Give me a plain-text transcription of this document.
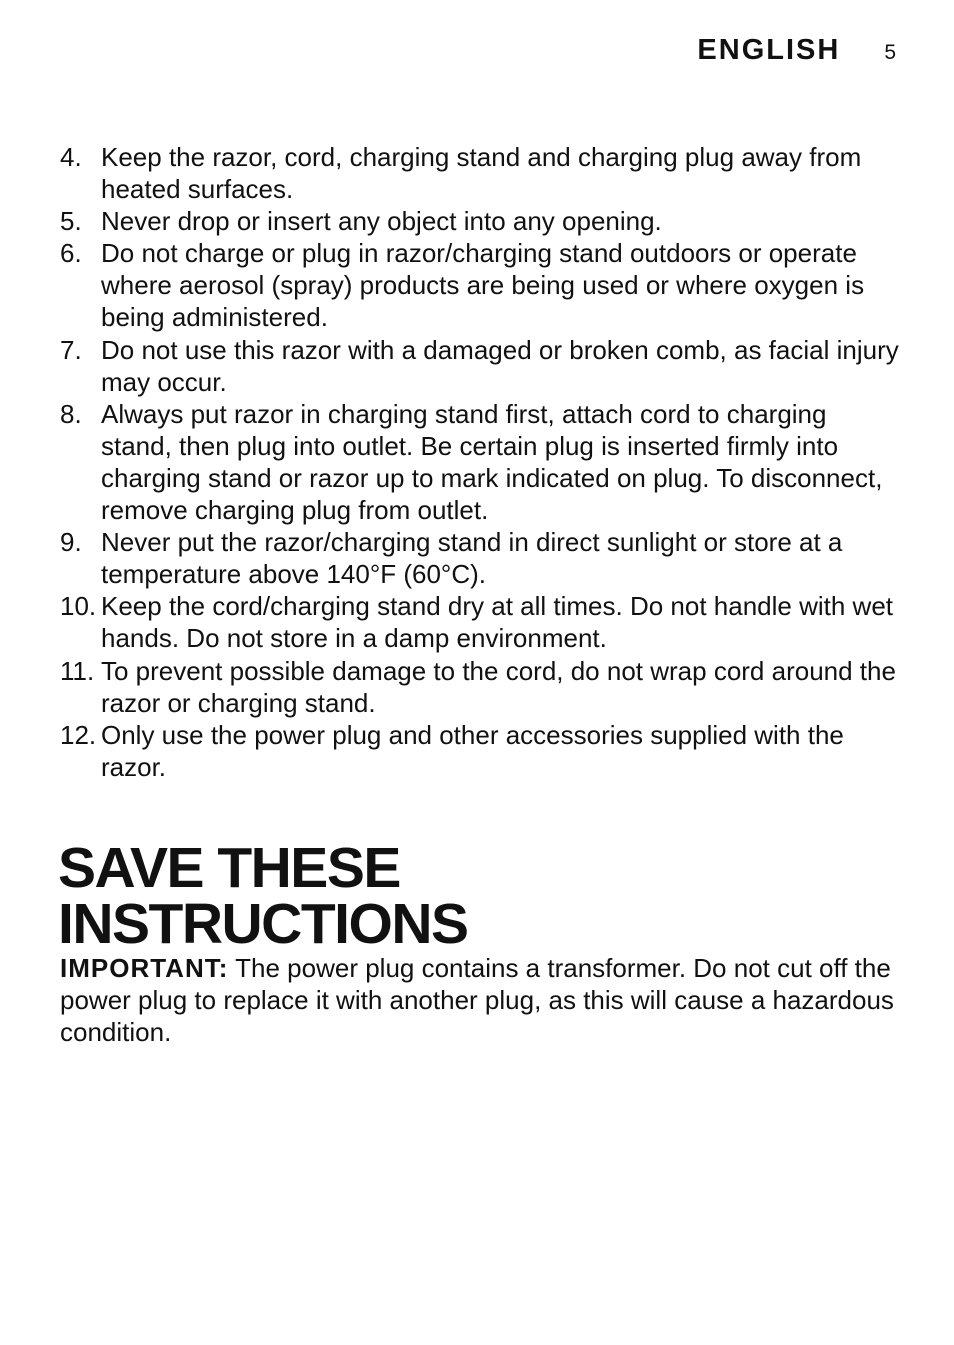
ENGLISH 5
4. Keep the razor, cord, charging stand and charging plug away from heated surfaces.
5. Never drop or insert any object into any opening.
6. Do not charge or plug in razor/charging stand outdoors or operate where aerosol (spray) products are being used or where oxygen is being administered.
7. Do not use this razor with a damaged or broken comb, as facial injury may occur.
8. Always put razor in charging stand first, attach cord to charging stand, then plug into outlet. Be certain plug is inserted firmly into charging stand or razor up to mark indicated on plug. To disconnect, remove charging plug from outlet.
9. Never put the razor/charging stand in direct sunlight or store at a temperature above 140°F (60°C).
10. Keep the cord/charging stand dry at all times. Do not handle with wet hands. Do not store in a damp environment.
11. To prevent possible damage to the cord, do not wrap cord around the razor or charging stand.
12. Only use the power plug and other accessories supplied with the razor.
SAVE THESE
INSTRUCTIONS

IMPORTANT: The power plug contains a transformer. Do not cut off the power plug to replace it with another plug, as this will cause a hazardous condition.
